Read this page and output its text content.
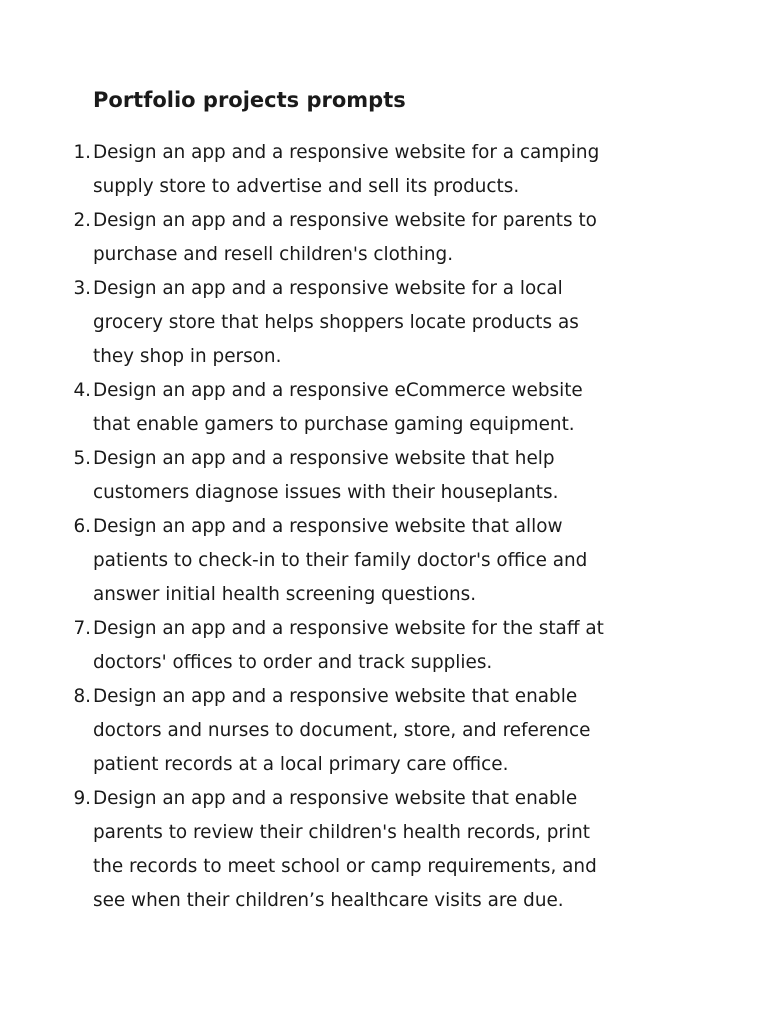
Portfolio projects prompts
1. Design an app and a responsive website for a camping
supply store to advertise and sell its products.
2. Design an app and a responsive website for parents to
purchase and resell children's clothing.
3. Design an app and a responsive website for a local
grocery store that helps shoppers locate products as
they shop in person.
4. Design an app and a responsive eCommerce website
that enable gamers to purchase gaming equipment.
5. Design an app and a responsive website that help
customers diagnose issues with their houseplants.
6. Design an app and a responsive website that allow
patients to check-in to their family doctor's office and
answer initial health screening questions.
7. Design an app and a responsive website for the staff at
doctors' offices to order and track supplies.
8. Design an app and a responsive website that enable
doctors and nurses to document, store, and reference
patient records at a local primary care office.
9. Design an app and a responsive website that enable
parents to review their children's health records, print
the records to meet school or camp requirements, and
see when their children’s healthcare visits are due.
